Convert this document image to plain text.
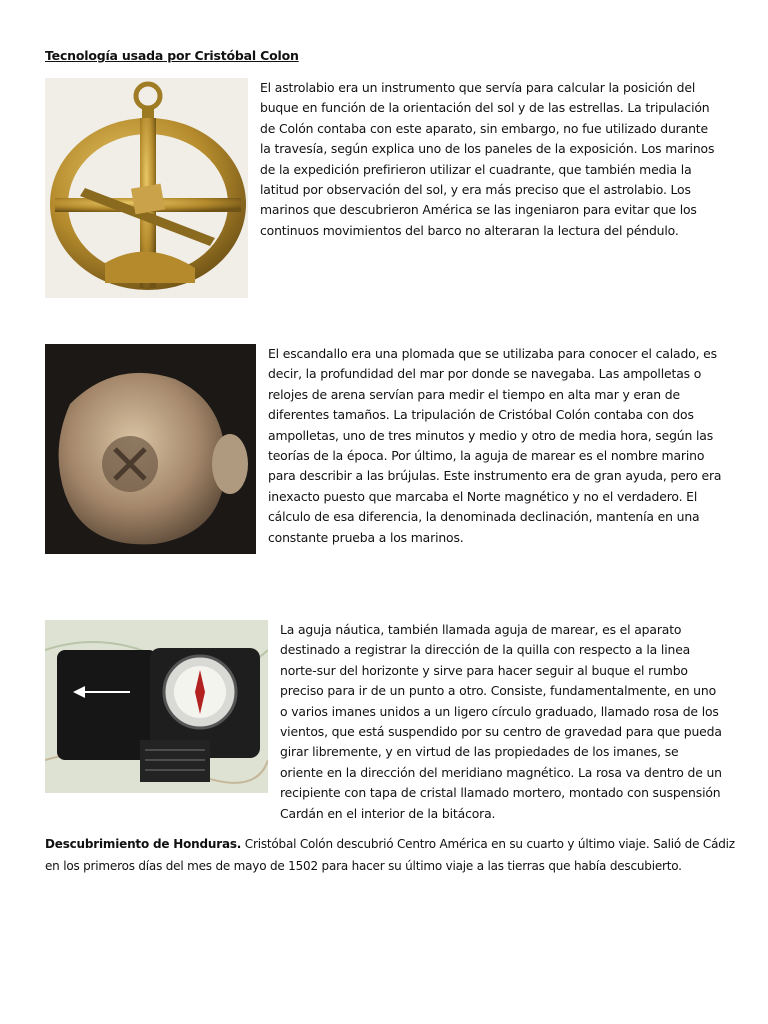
Tecnología usada por Cristóbal Colon
El astrolabio era un instrumento que servía para calcular la posición del buque en función de la orientación del sol y de las estrellas. La tripulación de Colón contaba con este aparato, sin embargo, no fue utilizado durante la travesía, según explica uno de los paneles de la exposición. Los marinos de la expedición prefirieron utilizar el cuadrante, que también media la latitud por observación del sol, y era más preciso que el astrolabio. Los marinos que descubrieron América se las ingeniaron para evitar que los continuos movimientos del barco no alteraran la lectura del péndulo.
El escandallo era una plomada que se utilizaba para conocer el calado, es decir, la profundidad del mar por donde se navegaba. Las ampolletas o relojes de arena servían para medir el tiempo en alta mar y eran de diferentes tamaños. La tripulación de Cristóbal Colón contaba con dos ampolletas, uno de tres minutos y medio y otro de media hora, según las teorías de la época. Por último, la aguja de marear es el nombre marino para describir a las brújulas. Este instrumento era de gran ayuda, pero era inexacto puesto que marcaba el Norte magnético y no el verdadero. El cálculo de esa diferencia, la denominada declinación, mantenía en una constante prueba a los marinos.
La aguja náutica, también llamada aguja de marear, es el aparato destinado a registrar la dirección de la quilla con respecto a la linea norte-sur del horizonte y sirve para hacer seguir al buque el rumbo preciso para ir de un punto a otro. Consiste, fundamentalmente, en uno o varios imanes unidos a un ligero círculo graduado, llamado rosa de los vientos, que está suspendido por su centro de gravedad para que pueda girar libremente, y en virtud de las propiedades de los imanes, se oriente en la dirección del meridiano magnético. La rosa va dentro de un recipiente con tapa de cristal llamado mortero, montado con suspensión Cardán en el interior de la bitácora.
Descubrimiento de Honduras. Cristóbal Colón descubrió Centro América en su cuarto y último viaje. Salió de Cádiz en los primeros días del mes de mayo de 1502 para hacer su último viaje a las tierras que había descubierto.
